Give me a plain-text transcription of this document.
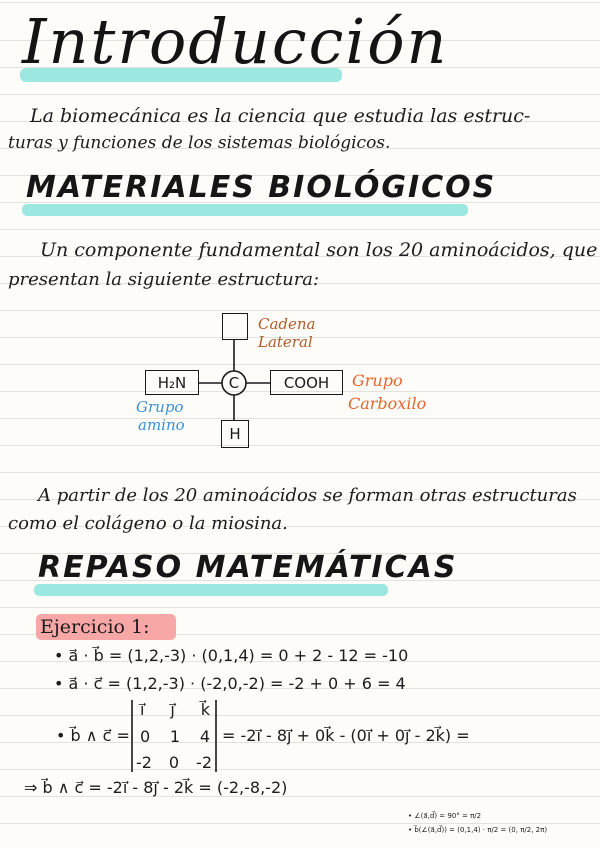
Introducción
La biomecánica es la ciencia que estudia las estruc-
turas y funciones de los sistemas biológicos.
MATERIALES BIOLÓGICOS
Un componente fundamental son los 20 aminoácidos, que
presentan la siguiente estructura:
C
H₂N	COOH
H
Cadena
Lateral
Grupo
Carboxilo
Grupo
amino
A partir de los 20 aminoácidos se forman otras estructuras
como el colágeno o la miosina.
REPASO MATEMÁTICAS
Ejercicio 1:
• a⃗ · b⃗ = (1,2,-3) · (0,1,4) = 0 + 2 - 12 = -10
• a⃗ · c⃗ = (1,2,-3) · (-2,0,-2) = -2 + 0 + 6 = 4
• b⃗ ∧ c⃗ =
i⃗ j⃗ k⃗
0 1 4
-2 0 -2
= -2i⃗ - 8j⃗ + 0k⃗ - (0i⃗ + 0j⃗ - 2k⃗) =
⇒ b⃗ ∧ c⃗ = -2i⃗ - 8j⃗ - 2k⃗ = (-2,-8,-2)
• ∠(a⃗,d⃗) = 90° = π/2
• b⃗(∠(a⃗,d⃗)) = (0,1,4) · π/2 = (0, π/2, 2π)
